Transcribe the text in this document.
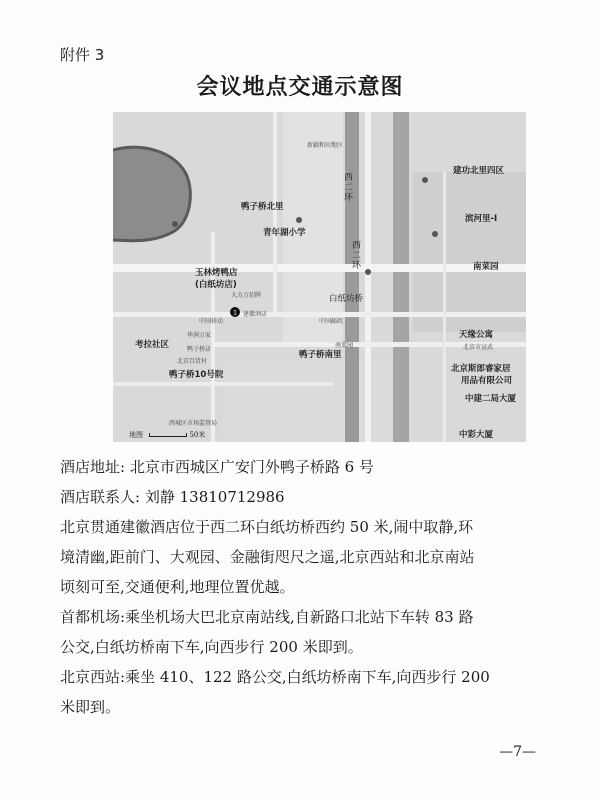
附件 3
会议地点交通示意图
1
建功北里四区
鸭子桥北里
青年湖小学
西二环
西二环
玉林烤鸭店
(白纸坊店)
白纸坊桥
滨河里-I
南菜园
天缘公寓
考拉社区
鸭子桥南里
鸭子桥10号院
北京斯郎睿家居
用品有限公司
中建二局大厦
中彩大厦
建徽酒店
新疆和田地区
大方万招牌
中国移动	中国邮政
华润万家
北京百货村
北京市宣武
鸭子桥店
南菜园
西城区市场监督局
地图	50米
酒店地址: 北京市西城区广安门外鸭子桥路 6 号
酒店联系人: 刘静 13810712986
北京贯通建徽酒店位于西二环白纸坊桥西约 50 米,闹中取静,环
境清幽,距前门、大观园、金融街咫尺之遥,北京西站和北京南站
顷刻可至,交通便利,地理位置优越。
首都机场:乘坐机场大巴北京南站线,自新路口北站下车转 83 路
公交,白纸坊桥南下车,向西步行 200 米即到。
北京西站:乘坐 410、122 路公交,白纸坊桥南下车,向西步行 200
米即到。
—7—
